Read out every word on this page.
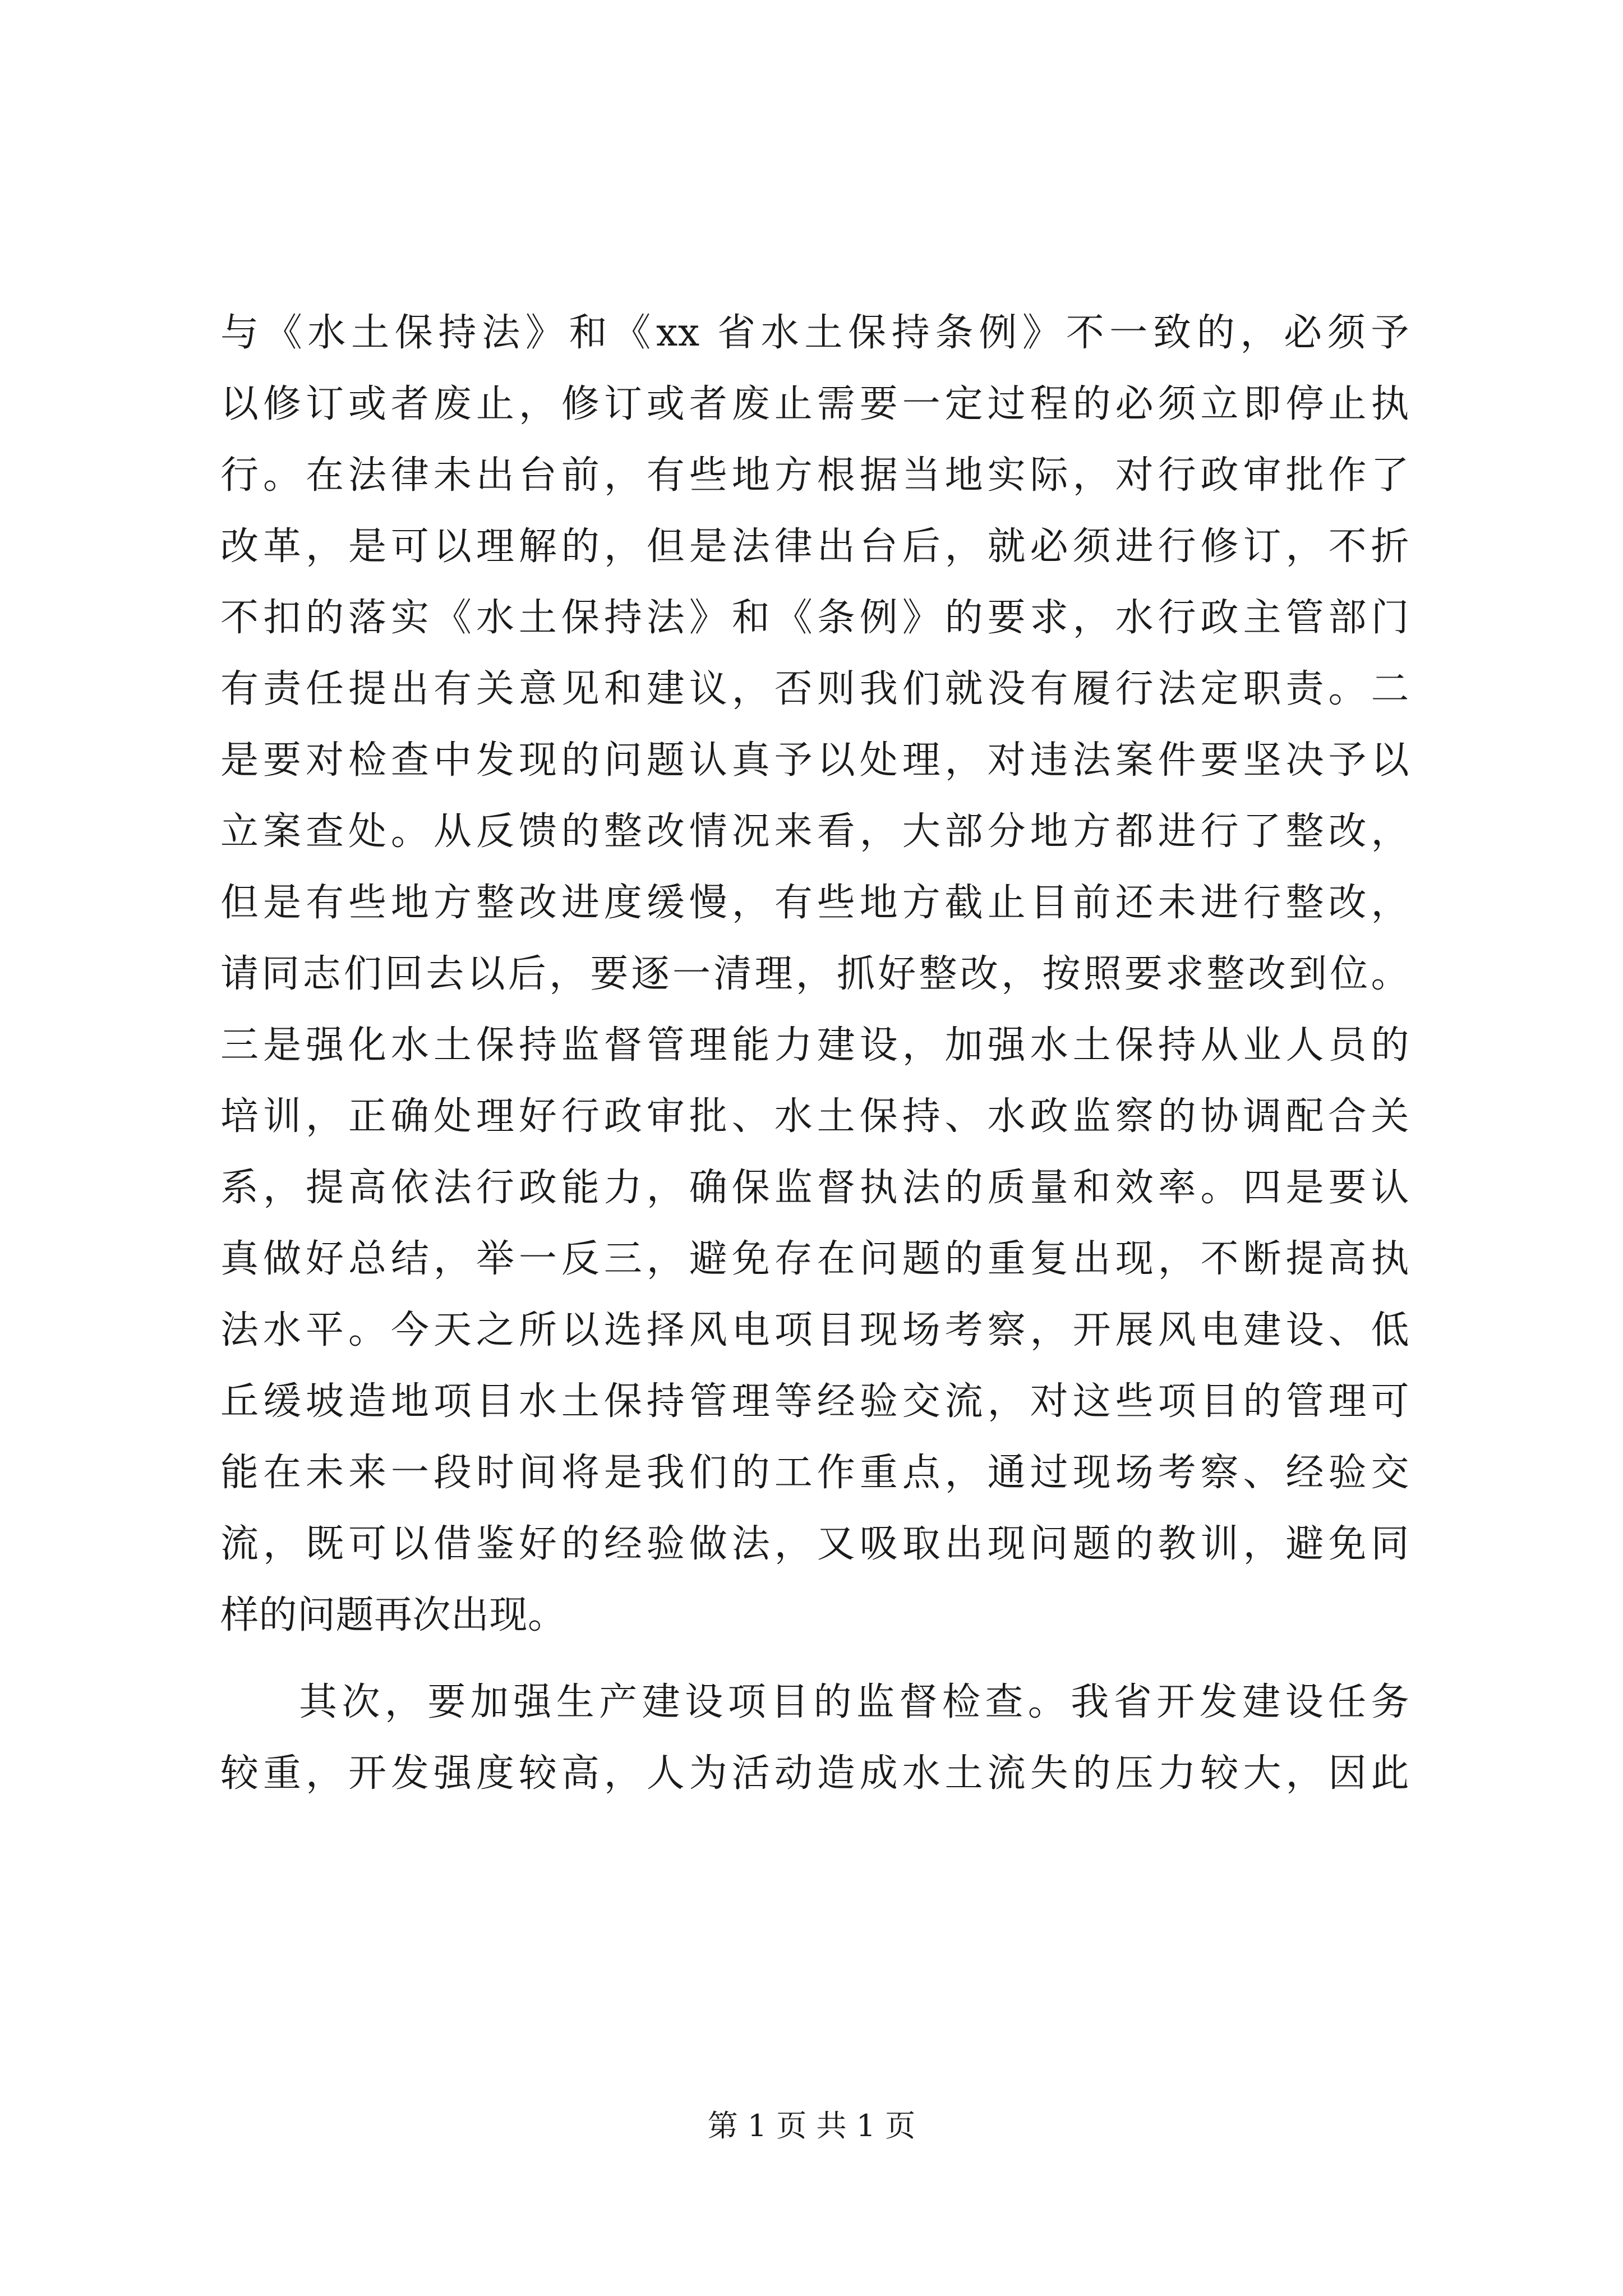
与《水土保持法》和《xx 省水土保持条例》不一致的，必须予
以修订或者废止，修订或者废止需要一定过程的必须立即停止执
行。在法律未出台前，有些地方根据当地实际，对行政审批作了
改革，是可以理解的，但是法律出台后，就必须进行修订，不折
不扣的落实《水土保持法》和《条例》的要求，水行政主管部门
有责任提出有关意见和建议，否则我们就没有履行法定职责。二
是要对检查中发现的问题认真予以处理，对违法案件要坚决予以
立案查处。从反馈的整改情况来看，大部分地方都进行了整改，
但是有些地方整改进度缓慢，有些地方截止目前还未进行整改，
请同志们回去以后，要逐一清理，抓好整改，按照要求整改到位。
三是强化水土保持监督管理能力建设，加强水土保持从业人员的
培训，正确处理好行政审批、水土保持、水政监察的协调配合关
系，提高依法行政能力，确保监督执法的质量和效率。四是要认
真做好总结，举一反三，避免存在问题的重复出现，不断提高执
法水平。今天之所以选择风电项目现场考察，开展风电建设、低
丘缓坡造地项目水土保持管理等经验交流，对这些项目的管理可
能在未来一段时间将是我们的工作重点，通过现场考察、经验交
流，既可以借鉴好的经验做法，又吸取出现问题的教训，避免同
样的问题再次出现。
其次，要加强生产建设项目的监督检查。我省开发建设任务
较重，开发强度较高，人为活动造成水土流失的压力较大，因此
第 1 页 共 1 页
